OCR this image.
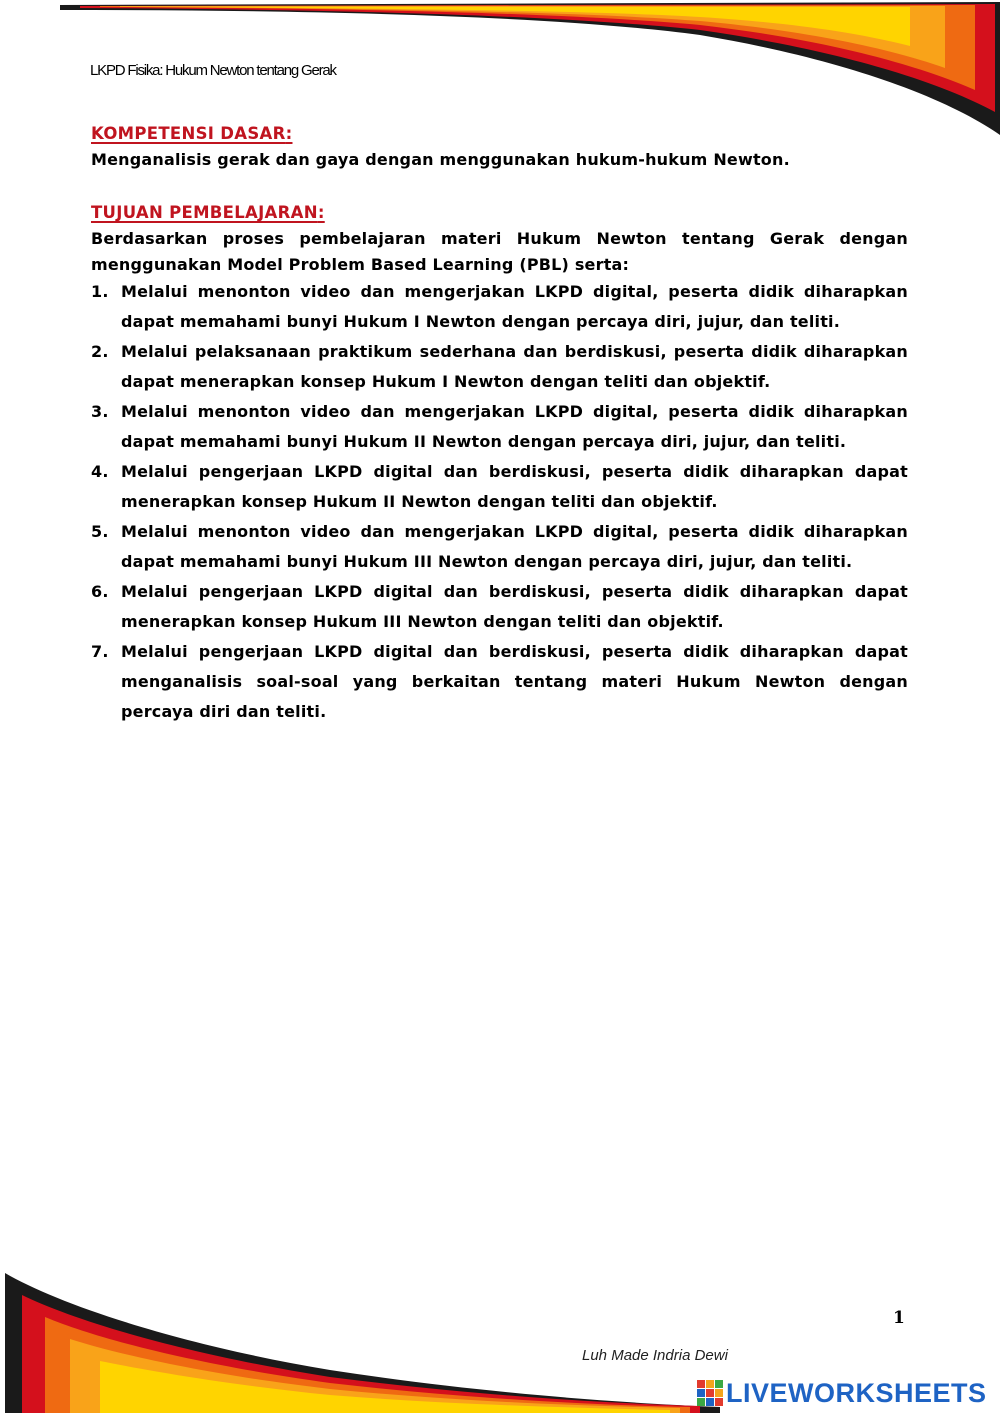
LKPD Fisika: Hukum Newton tentang Gerak
KOMPETENSI DASAR:
Menganalisis gerak dan gaya dengan menggunakan hukum-hukum Newton.
TUJUAN PEMBELAJARAN:
Berdasarkan proses pembelajaran materi Hukum Newton tentang Gerak dengan menggunakan Model Problem Based Learning (PBL) serta:
1. Melalui menonton video dan mengerjakan LKPD digital, peserta didik diharapkan dapat memahami bunyi Hukum I Newton dengan percaya diri, jujur, dan teliti.
2. Melalui pelaksanaan praktikum sederhana dan berdiskusi, peserta didik diharapkan dapat menerapkan konsep Hukum I Newton dengan teliti dan objektif.
3. Melalui menonton video dan mengerjakan LKPD digital, peserta didik diharapkan dapat memahami bunyi Hukum II Newton dengan percaya diri, jujur, dan teliti.
4. Melalui pengerjaan LKPD digital dan berdiskusi, peserta didik diharapkan dapat menerapkan konsep Hukum II Newton dengan teliti dan objektif.
5. Melalui menonton video dan mengerjakan LKPD digital, peserta didik diharapkan dapat memahami bunyi Hukum III Newton dengan percaya diri, jujur, dan teliti.
6. Melalui pengerjaan LKPD digital dan berdiskusi, peserta didik diharapkan dapat menerapkan konsep Hukum III Newton dengan teliti dan objektif.
7. Melalui pengerjaan LKPD digital dan berdiskusi, peserta didik diharapkan dapat menganalisis soal-soal yang berkaitan tentang materi Hukum Newton dengan percaya diri dan teliti.
1
Luh Made Indria Dewi
LIVEWORKSHEETS
